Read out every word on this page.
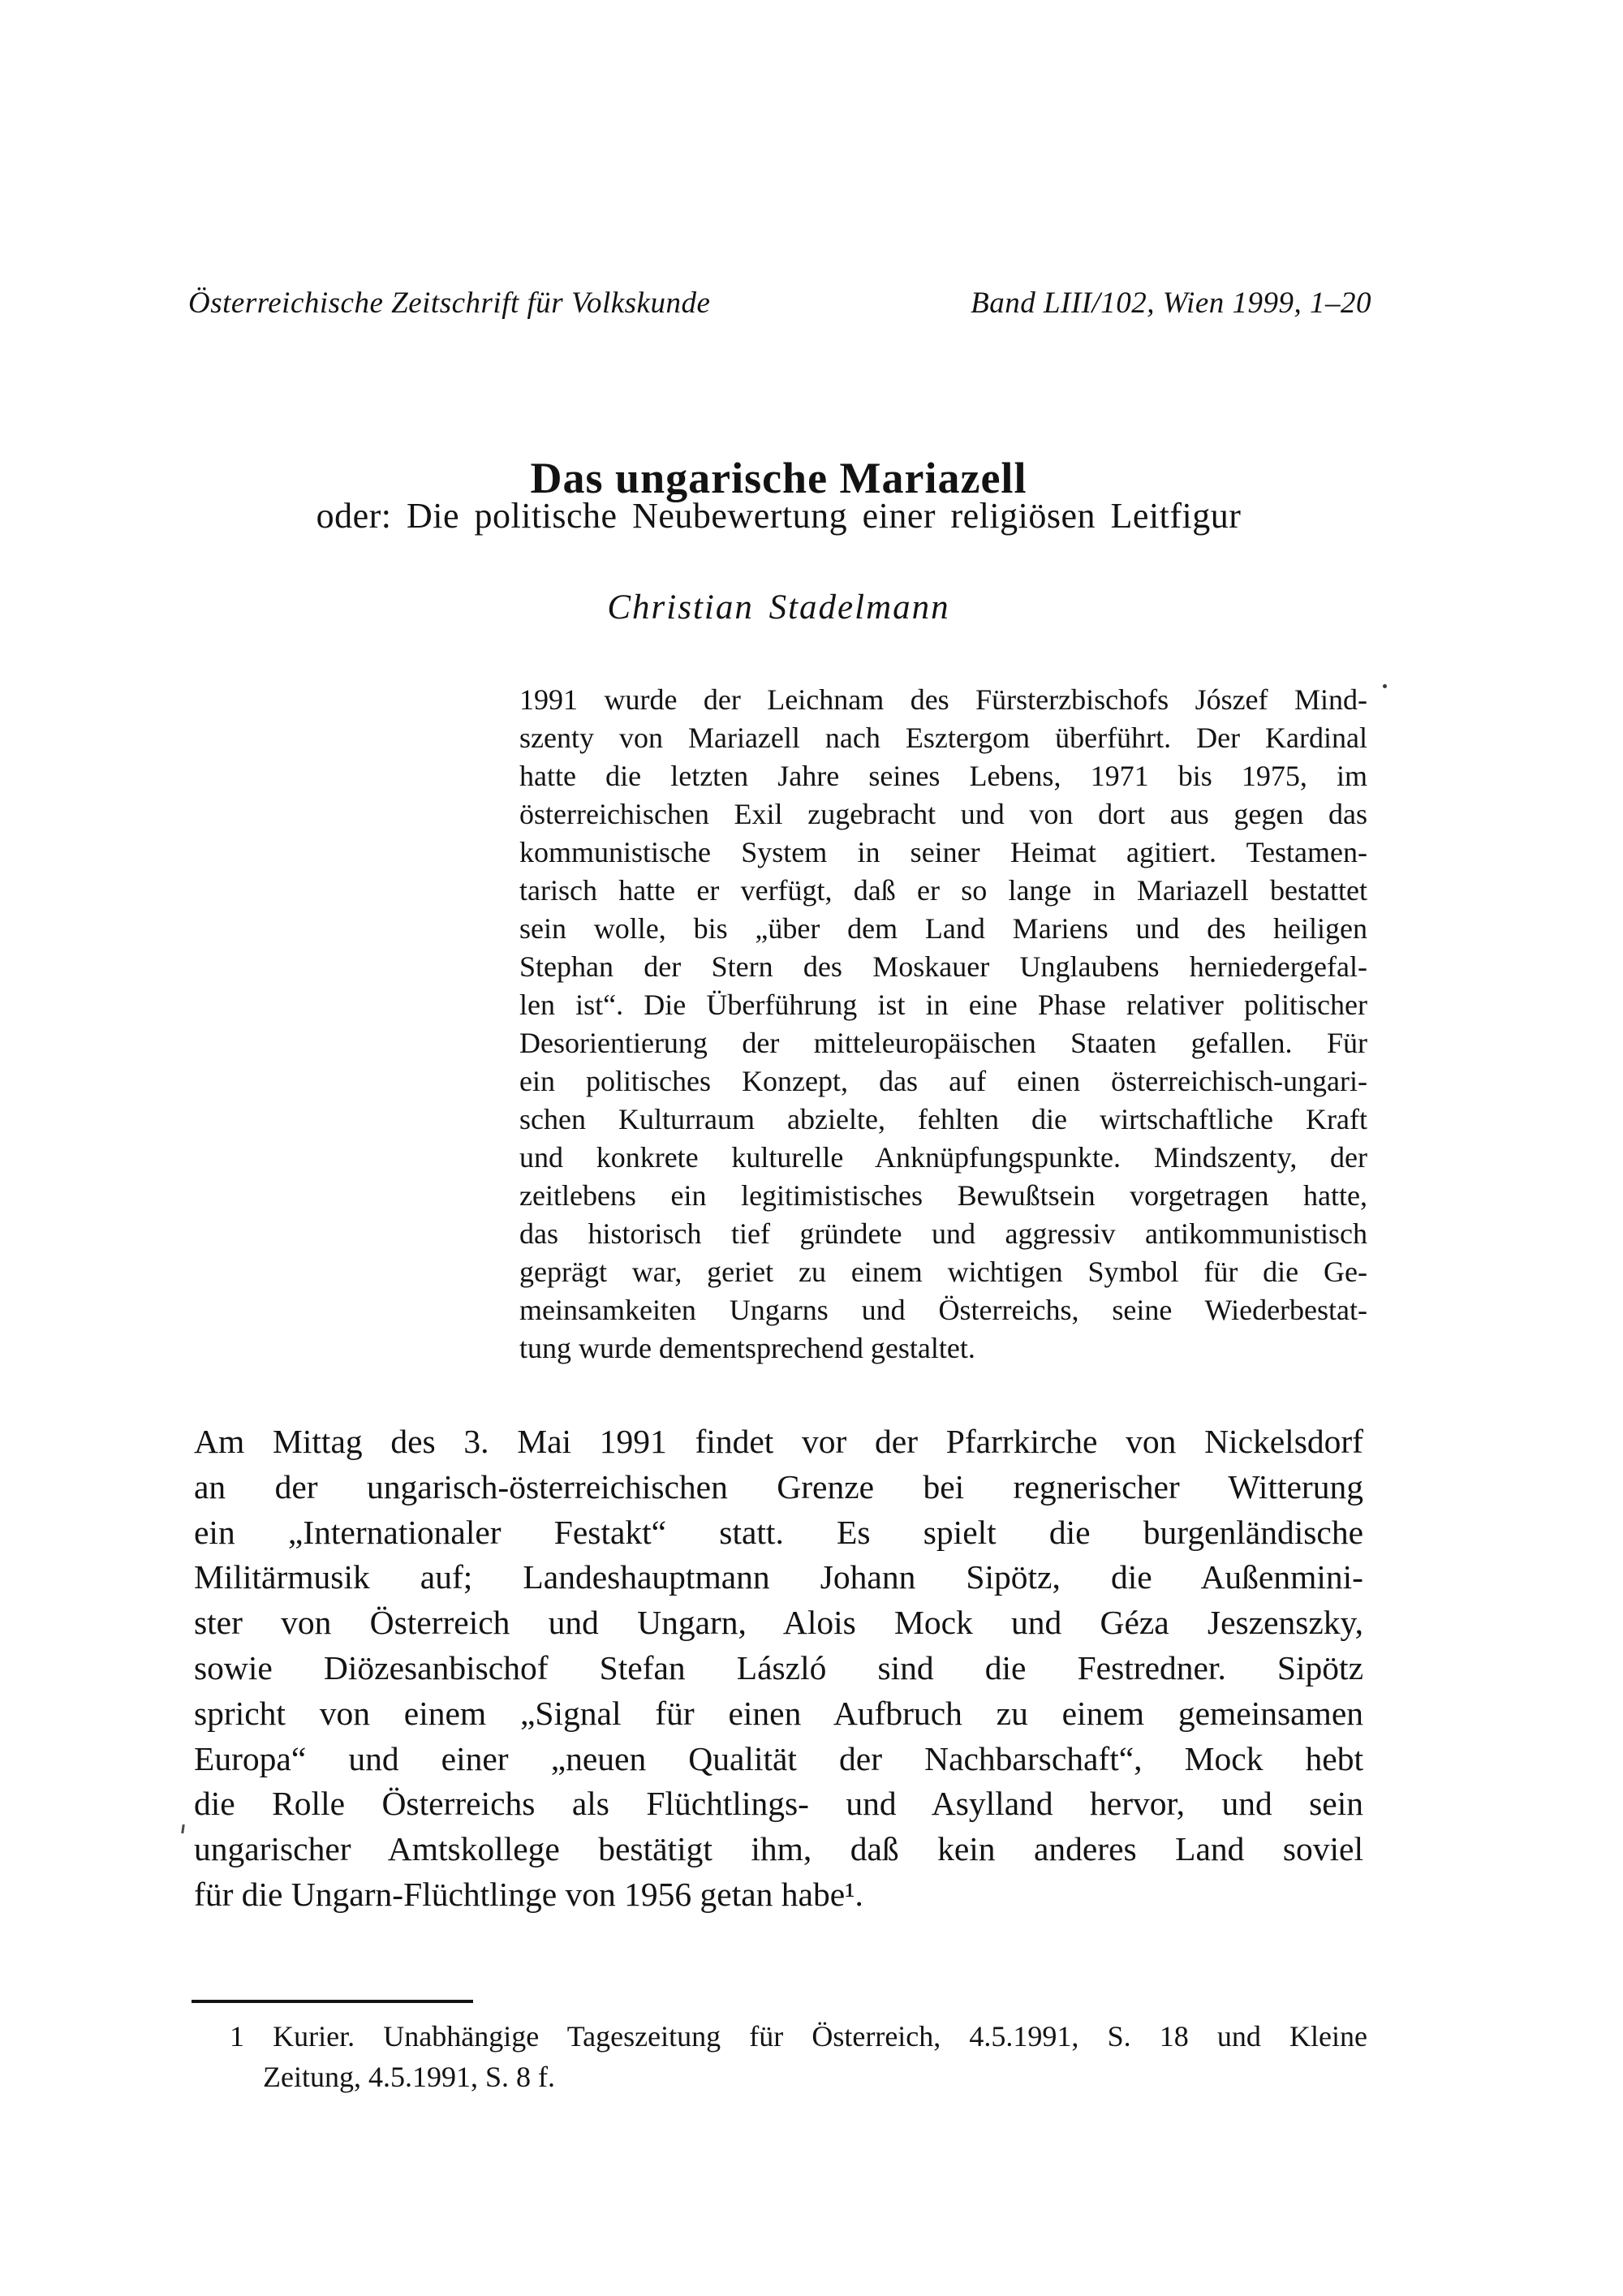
Österreichische Zeitschrift für Volkskunde	Band LIII/102, Wien 1999, 1–20
Das ungarische Mariazell
oder: Die politische Neubewertung einer religiösen Leitfigur
Christian Stadelmann
1991 wurde der Leichnam des Fürsterzbischofs Jószef Mind-
szenty von Mariazell nach Esztergom überführt. Der Kardinal
hatte die letzten Jahre seines Lebens, 1971 bis 1975, im
österreichischen Exil zugebracht und von dort aus gegen das
kommunistische System in seiner Heimat agitiert. Testamen-
tarisch hatte er verfügt, daß er so lange in Mariazell bestattet
sein wolle, bis „über dem Land Mariens und des heiligen
Stephan der Stern des Moskauer Unglaubens herniedergefal-
len ist“. Die Überführung ist in eine Phase relativer politischer
Desorientierung der mitteleuropäischen Staaten gefallen. Für
ein politisches Konzept, das auf einen österreichisch-ungari-
schen Kulturraum abzielte, fehlten die wirtschaftliche Kraft
und konkrete kulturelle Anknüpfungspunkte. Mindszenty, der
zeitlebens ein legitimistisches Bewußtsein vorgetragen hatte,
das historisch tief gründete und aggressiv antikommunistisch
geprägt war, geriet zu einem wichtigen Symbol für die Ge-
meinsamkeiten Ungarns und Österreichs, seine Wiederbestat-
tung wurde dementsprechend gestaltet.
Am Mittag des 3. Mai 1991 findet vor der Pfarrkirche von Nickelsdorf
an der ungarisch-österreichischen Grenze bei regnerischer Witterung
ein „Internationaler Festakt“ statt. Es spielt die burgenländische
Militärmusik auf; Landeshauptmann Johann Sipötz, die Außenmini-
ster von Österreich und Ungarn, Alois Mock und Géza Jeszenszky,
sowie Diözesanbischof Stefan László sind die Festredner. Sipötz
spricht von einem „Signal für einen Aufbruch zu einem gemeinsamen
Europa“ und einer „neuen Qualität der Nachbarschaft“, Mock hebt
die Rolle Österreichs als Flüchtlings- und Asylland hervor, und sein
ungarischer Amtskollege bestätigt ihm, daß kein anderes Land soviel
für die Ungarn-Flüchtlinge von 1956 getan habe¹.
1 Kurier. Unabhängige Tageszeitung für Österreich, 4.5.1991, S. 18 und Kleine
Zeitung, 4.5.1991, S. 8 f.
